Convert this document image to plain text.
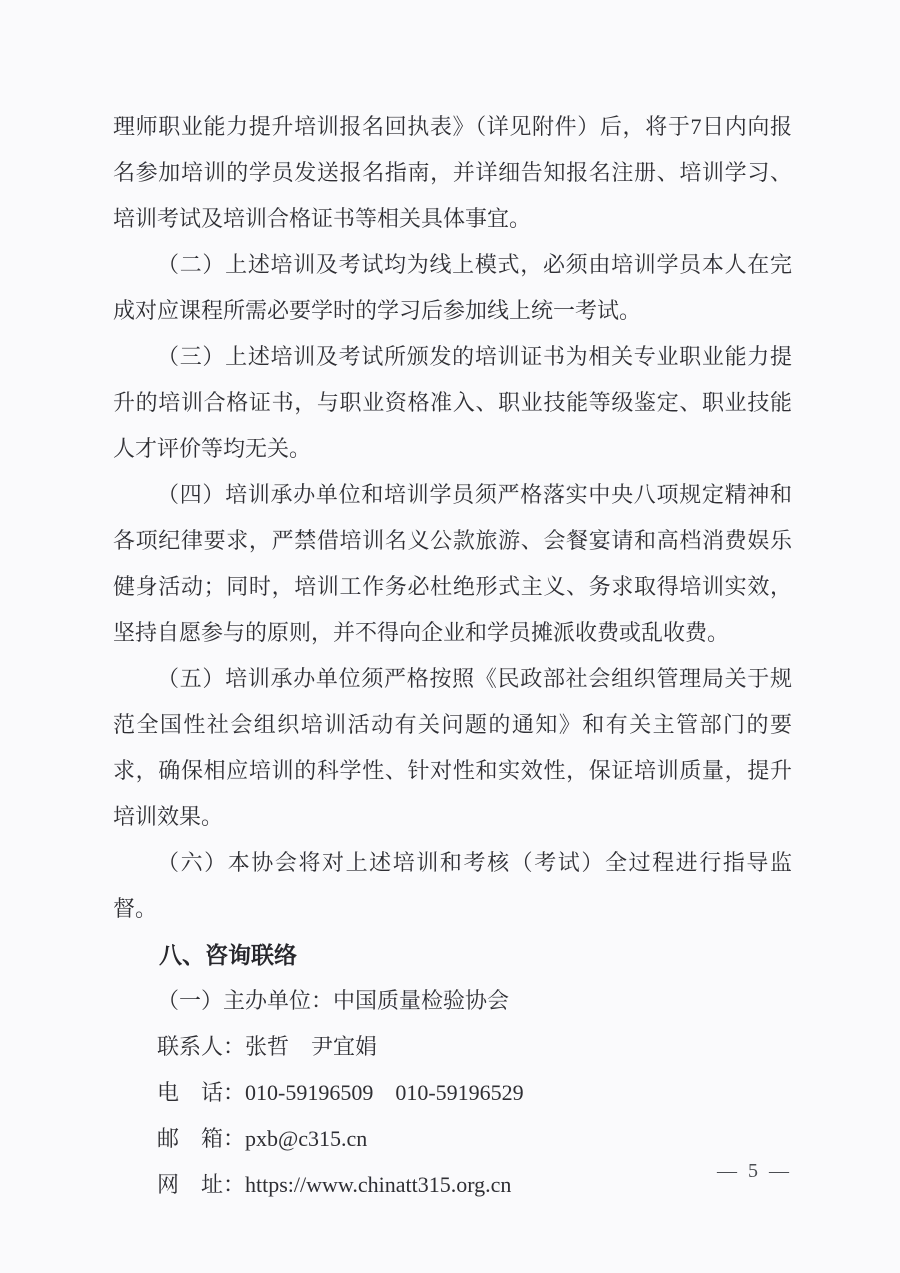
理师职业能力提升培训报名回执表》（详见附件）后，将于7日内向报名参加培训的学员发送报名指南，并详细告知报名注册、培训学习、培训考试及培训合格证书等相关具体事宜。

（二）上述培训及考试均为线上模式，必须由培训学员本人在完成对应课程所需必要学时的学习后参加线上统一考试。

（三）上述培训及考试所颁发的培训证书为相关专业职业能力提升的培训合格证书，与职业资格准入、职业技能等级鉴定、职业技能人才评价等均无关。

（四）培训承办单位和培训学员须严格落实中央八项规定精神和各项纪律要求，严禁借培训名义公款旅游、会餐宴请和高档消费娱乐健身活动；同时，培训工作务必杜绝形式主义、务求取得培训实效，坚持自愿参与的原则，并不得向企业和学员摊派收费或乱收费。

（五）培训承办单位须严格按照《民政部社会组织管理局关于规范全国性社会组织培训活动有关问题的通知》和有关主管部门的要求，确保相应培训的科学性、针对性和实效性，保证培训质量，提升培训效果。

（六）本协会将对上述培训和考核（考试）全过程进行指导监督。

八、咨询联络

（一）主办单位：中国质量检验协会

联系人：张哲　尹宜娟

电　话：010-59196509　010-59196529

邮　箱：pxb@c315.cn

网　址：https://www.chinatt315.org.cn

— 5 —
